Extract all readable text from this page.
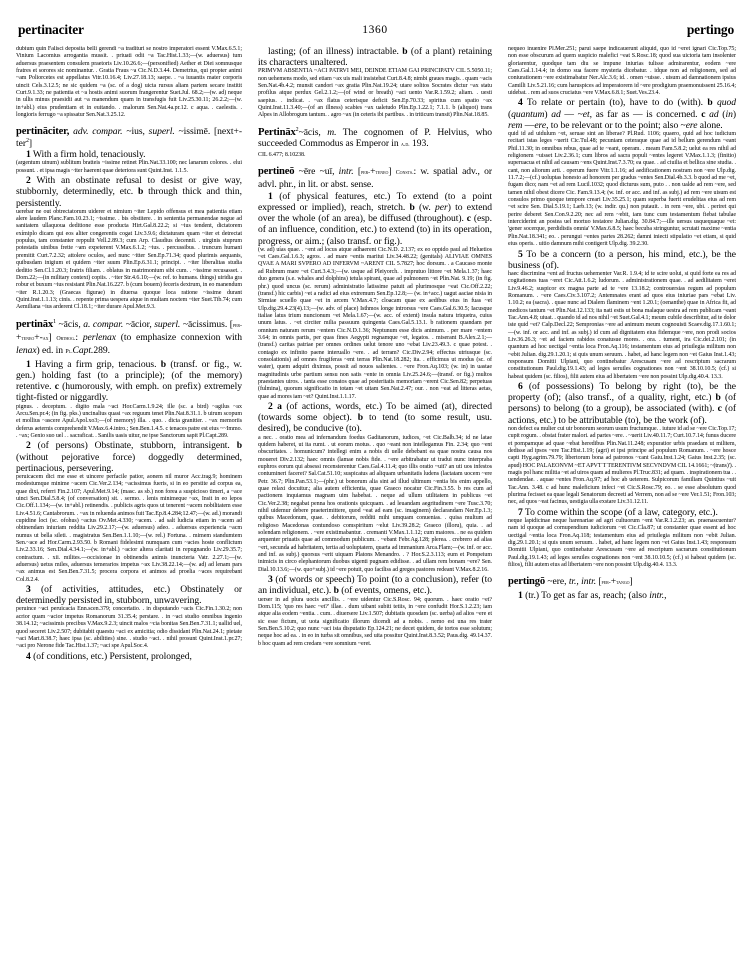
pertinaciter	1360	pertingo

dubium quin Falisci deposita belli gerendi ~a tradituri se nostro imperatori essent V.Max.6.5.1; Vinium Lacomius arrogantia mussit. . priuati odii ~a Tac.Hist.1.33;—(w. aduersus) tum aduersus praesentem consulem praetoris Liv.10.26.6;—(personified) Aether et Diei somnusque fratres et sorores sic nominantur. . Gratia Fraus ~a Cic.N.D.3.44. Demetrius, qui propter animi ~am Poliorcetes est appellatus Vitr.10.16.4; Liv.27.18.13; saepe. . ~a iuuantis mater corporis uincit Cels.3.12.5; ne sic quidem ~a (sc. of a dog) uicta rursus aliam partem secare institit Curt.9.1.33; ne patientia et ~a hostis animi suorum frangerentur Suet.Jul. 68.2;—(w. ad) neque in ullis minus praesidii aut ~a manendum quam in transfugis fuit Liv.25.30.11; 26.2.2;—(w. in+abl.) eius prudentiam et in euitando. . malorum Sen.Nat.4a.pr.12. c aqua. . caelestis. . longioris ferrugo ~a spissatur Sen.Nat.3.25.12.

pertināciter, adv. compar. ~ius, superl. ~issimē. [next+-ter$^2$]

1 With a firm hold, tenaciously.

(argentum uinum) sublitum bratteis ~issime retinet Plin.Nat.33.100; nec lanarum colores. . elui possunt. . et ipsa magis ~iter haerent quae deteriora sunt Quint.Inst. 1.1.5.

2 With an obstinate refusal to desist or give way, stubbornly, determinedly, etc. b through thick and thin, persistently.

uerebar ne out obtrectatorum uiderer et nimium ~iter Lepido offensus et mea patientia etiam alere laudem Planc.Fam.10.23.1; ~issime. . bis obstitere. . in sententia permanendae negue ad sanitatem ullaquoua deditione esse producta Hirt.Gal.8.22.2; si ~ius tendent, dictatorem exímiplo dicam qui eos aliter congerentis cogat Liv.3.9.6; dictaturam quam ~iter et detrectat populus, tam constanter reppulit Vell.2.89.3; cum Arp. Claudius decennii. . uirginis stuprum potestatis uinibus frette ~am expeterent V.Max.6.1.2; ~ius. . percussibus. . truncum humani premitit Curt.7.2.32; attolere oculos, aed nunc ~itter Sen.Ep.71.34; quod plurimis aequanis, quibusdam inigium et quidem ~iter suum Plin.Ep.6.31.1; principi. . ~iter liberalitas studia deditio Sen.Cl.1.20.3; Iratris filiam. . oblatus in matrimonium sibi cum. . ~issime recusasset. . Dom.22;—(in military context) copiis. . ~iter Str.4.6.10;—(w. ref. to humans. things) uiridia gra robur et buxum ~ius resistant Plin.Nat.16.227. b (cum bouem) feceris dextrum, in eo manendum ~iter R.1.20.3; (Graecas figurae) in diuersa quoque loca ratione ~issime durant Quint.Inst.1.1.13; cinis. . repente prima uespera atque in multam noctem ~iter Suet.Tib.74; cum Aemiliana ~ius arderent Cl.18.1; ~iter durare Apul.Met.9.3.

pertināx$^1$ ~ācis, a. compar. ~ācior, superl. ~ācissimus. [per-+teneo+-ax] Orthog.: perlenax (to emphasize connexion with lenax) ed. in Pl.Capt.289.

1 Having a firm grip, tenacious. b (transf. or fig., w. gen.) holding fast (to a principle); (of the memory) retentive. c (humorously, with emph. on prefix) extremely tight-fisted or niggardly.

pignus. . deceptum. . digito mala ~aci Hor.Carm.1.9.24; ille (sc. a bird) ~agilus ~ax Arcu.Sen.pr.4; (in fig. pks.) uncinalius quasi ~ax reguum tenet Plin.Nat.8.31.1. b uirum scopum et mollius ~ascere Apul.Apol.xo3;—(of memory) illa. . quo. . dicta granitier. . ~ax memoriis deferus aeternis comprehendit V.Max.6.4.intro.; Sen.Ben.1.4.5. c tenaces patre est eius ~~Immo. . ~ax; Genio suo uel . . sacraficat. . Sanilis uasis uitur, ne ipse Sanctorum sapit Pl.Capt.289.

2 (of persons) Obstinate, stubborn, intransigent. b (without pejorative force) doggedly determined, pertinacious, persevering.

peruicacem dici me esse et uincere perfacile patior, aonem nil muror Acc.trag.9; hominem modestumque minime ~acem Cic.Ver.2.134; ~acissimus fueris, si in eo perstite ad corpus ea, quae dixi, referri Fin.2.107; Apul.Met.9.14; (masc. as sb.) non forea a suspicioso timeri, a ~ace uinci Sen.Dial.5.8.4; (of conversation) sit. . sermo. . lenis minimeque ~ax, Insit in eo lepos Cic.Off.1.134;—(w. in+abl.) retinendis. . publicis agris quos ut tenerent ~acem nobilitatem esse Liv.4.51.6; Cantabrorum. . ~ax in reluenda animos fuit Tac.Ep.8.4.284;12.47;—(w. ad.) morandi cupidine loci (sc. ofohus) ~acius Ov.Met.4.330; ~acem. . ad salt ludicia etiam in ~acem ad obtinendam iniuriam reddita Liv.29.2.17;—(w. aduersus) adeo. . aduersus experiencia ~acm numus ut bella sileti. . magistratus Sen.Ben.1.1.10;—(w. rel.) Fortuna. . mimem standumtem Sen.~ace ad Hor.Carm.2.93.50. b Romani fidelesimi numquam cum ~acies hoste conflictum Liv.2.33.16; Sen.Dial.4.34.1;—(w. in+abl.) ~acior altera claritati in repugnando Liv.29.35.7; contractum. . xii. milites.—occisionae in obtinendis animis inuncteria Vatr. 2.27.1;—(w. aduersus) uetus miles, aduersus temerarios impetus ~ax Liv.38.22.14;—(w. ad) ad lenam pars ~ax animus est Sen.Ben.7.31.5; procera corpora et animos ad proelia ~aces requirebant Col.8.2.4.

3 (of activities, attitudes, etc.) Obstinately or determinedly persisted in, stubborn, unwavering.

peruince ~aci peruicacia Enn.scen.379; concertatio. . in disputando ~acis Cic.Fin.1.30.2; non acrior quam ~acior impetus Romanorum 31.35.4; perstare. . in ~aci studio omnibus ingenio 38.14.12; ~acissimis precibus V.Max.9.2.3; uincit malos ~cia bonitas Sen.Ben.7.31.1; uallid uel, quod seceret Liv.2.507; dubitabit quaestu ~aci ex amicitia; odio dissidant Plin.Nat.24.1; pietate ~aci Mart.8.38.7; haec ipsa (sc. abilities) sine. . studio ~aci. . nihil prosunt Quint.Inst.1.pr.27; ~aci pro Nerone fide Tac.Hist.1.37; ~aci spe Apul.Soc.4.

4 (of conditions, etc.) Persistent, prolonged,

lasting; (of an illness) intractable. b (of a plant) retaining its characters unaltered.

PRIMVM ABSENTIA ~ACI PATRVI MEI, DEINDE ETIAM GAI PRINCIPATV CIL 5.5050.11; non uehemens modo, sed etiam ~ax uis mali insistebat Curt.8.4.8; nimbi graues magis. . quam ~acis Sen.Nat.4b.4.2; munsit candori ~ax gratia Plin.Nat.19.24; utare solitos Socrates dictur ~ax statu profilus atque perdux Gel.2.1.2;—(of wind or breath) ~aci uento Var.R.1.59.2; aliam. . uesti saepius. . indicat. . ~ax flatus ceterisque deficit Sen.Ep.70.33; spiritus cum spatio ~ax Quint.Inst.11.3.40;—(of an illness) scabies ~ax ualetudo Plin.Ep.1.22.1; 7.1.1. b (aliquot) trans Alpes in Allobrogum tantum. . agro ~ax (in ceteris ibi partibus. . in triticum transit) Plin.Nat.18.85.

Pertināx$^2$~ācis, m. The cognomen of P. Helvius, who succeeded Commodus as Emperor in a.d. 193.

CIL 6.477; 8.10238.

pertineō ~ēre ~uī, intr. [per-+teneo] Consts.: w. spatial adv., or advl. phr., in lit. or abst. sense.

1 (of physical features, etc.) To extend (to a point expressed or implied), reach, stretch. b (w. per) to extend over the whole (of an area), be diffused (throughout). c (esp. of an influence, condition, etc.) to extend (to) in its operation, progress, or aim.; (also transf. or fig.).

(w. ad) uías quae. . ~ent ad locus atque adhaerent Cic.N.D. 2.137; ex eo oppido paul ad Heluetios ~et Caes.Gal.1.6.3; agros. . ad mare ~entis maritui Liv.34.48.22; (genitals) ALIVIAE OMNES QVAE A MARI SVPERO AD INFERVM ~ARENT CIL 5.7827; hoc dorsum. . a Caucaso monte ad Rubrum mare ~et Curt.3.4.3;—(w. usque ad Pleiyorch. . imprutuo littore ~et Mela.1.37; haec duo genera (s.e. whales and dolphins) tetula spirant, quae ad pulmonem ~et Plin.Nat. 9.19; (in fig. phr.) quod uncus (sc. rerum) administratio latissime patuit ad plurimosque ~eat Cic.Off.2.22; (transf.) hic carbis) ~et a radici ad eius extremum Sen.Ep.12.8;— (w. in+acc.) uagut aaciae nisia in Sirmiae scuello quae ~et in arcem V.Max.4.7; cloacam quae ex aedibus eius in fuas ~et Ulp.dig.29.4.23(4).13;—(w. adv. of place) Isthmos longe introrsus ~ere Caes.Gal.6.30.5; Iacusque italiae latus trium nuncionum ~et Mela.1.67;—(w. acc. of extent) insula natura triquetra, cuius unum latus. . ~et circiter milia passuum quingenta Caes.Gal.5.13.1. b rationem quandam per omnium naturam rerum ~entem Cic.N.D.1.36; Neptunum esse dicis animum. . per mare ~entem 3.64; in omnis partis, per quas fines Aegypti regnamque ~et, legatos. . miserant B.Alex.2.1;—(transf.) caritas patriae per omnes ordines uelut tenore uno ~ebat Liv.23.49.3. c quae potest. . contagio ex infinito paene interuallo ~ere. . ad terram? Cic.Div.2.94; effectus utriusque (sc. consolationis) ad omnes frugiferas ~ent terras Plin.Nat.18.282; ita. . efficimus ut modus (sc. of water), quem adquiri diximus, possit ad nouos salientes. . ~ere Fron.Aq.103; (w. in) in uastae magnitudinis urbe partium sensu non satis ~ente in omnia Liv.25.24.6;—(transf. or fig.) multos praestantes uiros. . tanta esse conatos quae ad posteritatis memoriam ~erent Cic.Sen.82; perpetuas (fulmina), quorum significatio in totam ~et uitam Sen.Nat.2.47; our. . non ~eat ad litteras aetas, quae ad mores iam ~et? Quint.Inst.1.1.17.

2 a (of actions, words, etc.) To be aimed (at), directed (towards some object). b to tend (to some result, usu. desired), be conducive (to).

a nec. . oratio mea ad infernandum foedus Gaditanorum, iudices, ~et Cic.Balb.34; id ne latae quidem haberet, ut ita rumt. . ut eorum motus. . quo ~eant non intellegamus Fin. 2.34; quo ~ent obscuritates. . homunicum? intellegi enim a nobis di uelle debebant ea quae nostra causa nos moueret Div.2.132; haec omnis (lamae nobis fide. . ~ere arbitrabatur ut tradui nunc interpraba euphros eorum qui absessi recensterentur Caes.Gal.4.11.4; quo illis oratio ~uit? an uti uos infestos contumineri faceret? Sal.Cat.51.10; suspicatus ad aliquam urbanitatis ludens (lactatam uocem ~ere Petr. 36.7; Plin.Pan.53.1;—(phr.) ut bonorum alia sint ad illud ultimum ~entia bis enim appello, quae relaxi docuitur.; alia autem efficientia, quae Graeco nocatur Cic.Fin.3.55. b res cum ad pactionem inquiamus magnam uim habebat. . neque ad ullum utilitatem in publicus ~et Cic.Ver.2.38; negabat penna hos orationis quicquam. . ad leuandam aegritudinem ~ere Tusc.3.70; nihil uidemur debere praeterimittere, quod ~eat ad eam (sc. imaginem) declarandam Ner.Ep.1.3; quibus Macedonum, quae. . debitorum, redditi mihi umquam conuenias. . quisa multum ad religioso Macedonas contundoso comspiritum ~elut Liv.39.28.2; Graeco (illoru), quia. . ad solendam religionem. . ~ere existimabantur. . cremanti V.Max.1.1.12; cum maiores. . ne ea quidem arquenter priuatis quae ad commodum publicum. . ~ebant Febr.Ag.128; plerea. . crebrero ad alias ~ert, secunda ad habritatem, tertia ad uoluptatem, quarta ad immanium Arca.Flam;—(w. inf. or acc. and inf. as subj.) quorsus ~erit uiquam Platons Menandro. . ? Hor.S.2.3.113; eum et Pompeium inimicis in circo elephantorum duobus uigenti pugnam edidisse. . ad ullam rem bonam ~ere? Sen. Dial.10.13.6;—(w. quo+subj.) id ~ere potuit, quo faciliss ad greges pastores redeant V.Max.8.2.16.

3 (of words or speech) To point (to a conclusion), refer (to an individual, etc.). b (of events, omens, etc.).

uerser in ad plura uocis ancillis. . ~ere uidentur Cic.S.Rosc. 94; quorum. . haec oratio ~et? Dom.115; 'quo res haec ~et?' illae. . dum uibant subiti tetiis, in ~ere confudit Hor.S.1.2.23; iam atque alia eodem ~entia. . cum. . diuersere Liv.1.507; dubitatis quosdam (sc. uerba) ad alios ~ere et sic esse fictum, ut uota significatio illorum dicendi ad a nobis. . nemo est una res trater Sen.Ben.5.10.2; quo nunc ~aci ista disputatio Ep.124.21; ne decet quidem, de tortos esse solutum; neque hoc ad ea. . in eo in turba sit omnibus, sed uita possitur Quint.Inst.8.3.52; Paus.dig. 49.14.37. b hoc quam ad rem credam ~ere somnium ~eret.

nequeo inuenire Pl.Mer.251; parui saepe indicauerunt aliquid, quo id ~eret ignari Cic.Top.75; non esse obscurum ad quem suspicio malefici ~eat S.Rosc.18; quod sua uictoria tam insolenter gloriarentur, quodque tam diu se impune iniurias tulisse admirarentur, eodem ~ere Caes.Gal.1.14.4; in domo sua facere mysteria dicebatur. . idque non ad religionem, sed ad coniurationem ~ere existimabatur Ner.Alc.3.6; id. . omen ~uisse. . uisum ad damnationem ipsius Camilli Liv.5.21.16; cum haruspices ad imperatorem id ~ere prodigium praemonuissent 25.16.4; uidebat. . rem ad suos cruciatus ~ere V.Max.6.8.1; Suet.Ves.23.4.

4 To relate or pertain (to), have to do (with). b quod (quantum) ad — ~et, as far as — is concerned. c ad (in) rem —ere, to be relevant or to the point; also ~ere alone.

quid id ad uidulum ~et, seruae sint an liberae? Pl.Rud. 1106; quaero, quid ad hoc iudicium recitari istas leges ~uerit Cic.Tul.48; pecuniam ceteraque quae ad id bellum gerendum ~eant Phil.11.30; in omnibus rebus, quae ad te ~eant, operam. . meam Fam.5.8.2; uelut ea res nihil ad religionem ~uisset Liv.2.36.1; cum libros ad sacra populi ~entes legeret V.Max.1.1.3; (finitio) superuacua et nihil ad causam ~ens Quint.Inst.7.3.70; ea quae. . ad ciuilia et bellica sine studia. . cant, non aliorum arti. . operum fuere Vitr.1.1.16; ad aedificationem nostram non ~ere Ulp.dig. 11.7.2;—(cf.) uoluptas honesto ad honorem per gradus ~entes Sen.Dial.4b.3.3. b quod ad me ~et, fugam dico; nam ~et ad rem Lucil.1032; quod dicturus sum, puto . . non ualde ad rem ~ere, sed tamen nihil obest dicere Cic. Fam.9.13.4; (w. inf. or acc. and inf. as subj.) ad rem ~ere uisum est consulos primo quoque tempore creari Liv.35.25.1; quam superba fuerit erudelitas eius ad rem ~et scire Sen. Dial.5.19.1; Larb.13; (w. indir. qu.) non putauit. . in rem ~ere, ubi. . periret qui perire deberet Sen.Con.9.2.20; nec ad rem ~ebit, iam tunc cum testamentum fiebat tabulae interciderint an postea uel mortuo testatore Julian.dig. 30.84.7;—ille uersus usquequaque ~et: 'gener socerque, perdidistis omnia' V.Max.6.8.5; haec becuba stringuntur, scrutati maxime ~entia Plin.Nat.18.341; eo. . perungui ~entes partes 28.262; damni iniecti stipulatio ~et etiam, si quid eius operis. . uitio damnum mihi contigerit Ulp.dig. 39.2.30.

5 To be a concern (to a person, his mind, etc.), be the business (of).

haec discrimina ~ent ad fructus uehementer Var.R. 1.9.4; id te scire uolui, si quid forte ea res ad cogitationes tuas ~eret Cic.Att.1.6.2; ludorum. . administrationem quae. . ad aedilitatem ~eret Liv.9.46.2; suspicor ex magna parte ad te ~ere 13.18.2; controuersias regum ad populum Romanum. . ~ere Caes.Civ.3.107.2; Antemnates erant ad quos eius iniuriae pars ~ebat Liv. 1.10.2; ea (sacra). . quae nunc ad Dialem flaminem ~ent 1.20.1; (oenanthe) quae in Africa fit, ad medicos tantum ~et Plin.Nat.12.133; ita nati estis ut bona malaque uestra ad rem publicam ~eant Tac.Ann.4.8; uiuat. . quando id ad nos nihil ~et Suet.Gal.4.1; meum cubile describitur, ad te dolor iste quid ~et? Calp.Decl.22; Sempronias ~ere ad animum meum cognouisti Scaev.dig.17.1.60.1;—(w. inf. or acc. and inf. as subj.) id cum ad dignitatem eius fidemque ~ere, non prodi socios Liv.36.26.3; ~et ad faciem rabidos conatusue mores. . ora. . tument, ira Cic.dei.2.101; (in quantum ad hoc uectigal ~entia loca Fron.Aq.116; testamentum eius ad priuilegia militum non ~ebit Julian. dig.29.1.20.1; si quis unum seruum. . habet, ad hanc legem non ~et Gaius Inst.1.43; responsum Domitii Ulpiani, quo continebatur Arescusam ~ere ad rescriptum sacrarum constitutionum Paul.dig.19.1.43; ad leges seruiles cognationes non ~ent 38.10.10.5; (cf.) si habeat quidem (sc. filios), filii autem eius ad libertatem ~ere non possint Ulp.dig.40.4. 13.3.

6 (of possessions) To belong by right (to), be the property (of); (also transf., of a quality, right, etc.) b (of persons) to belong (to a group), be associated (with). c (of actions, etc.) to be attributable (to), be the work (of).

non defect ea mulier cui uir bonorum seorum usum fructumque. . iuture id ad se ~ere Cic.Top.17; cupit rogum. . obstat frater malori. ad partes ~ere. . ~uerit Liv.40.11.7; Curt.10.7.14; funus ducere et pompamque ad quae ~ebat heredibus Plin.Nat.11.248; expuratior urbis praedam ut militem, dedisse ad ipsos ~ere Tac.Hist.1.19; (agri) et ipsi principe ad populum Romanum. . ~ere hosce capti Hyg.agrim.79.79; libertorum bona ad patronos ~cant Gaiu.Inst.1.24; Gaius Inst.2.35; (sc. apud) HOC PALAEONVM ~ET APVT T TERENTIVM SECVNDVM CIL 14.1661; ~(trans)'). . magis pol hanc militia ~et ad uiros quam ad mulieres Pl.Truc.831; ad quam. . inspirationem tua . . uendendae. . aquae ~entes Fron.Aq.97; ad hoc ab ueterem. Sulpicorum familiam Quintius ~uit Tac.Ann. 3.48. c ad hunc maleficium infeci ~et Cic.S.Rosc.79; eo. . se esse absolutum quod plurima fecisset ea quae legali Senatorum decreeti ad Verrem, non ad se ~ere Ver.1.51; Fron.103; nec, ad quos ~eat facinus, uestigia ulla exstare Liv.31.12.11.

7 To come within the scope (of a law, category, etc.).

neque lapidicinae neque harenariae ad agri cultuorum ~ent Var.R.1.2.23; an. praenascuentur? nam id quoque ad cornupendium iudiciorum ~et Cic.Cla.87; ut constanter quae essent ad hoc uectigal ~entia loca Fron.Aq.118; testamentum eius ad priuilegia militum non ~ebit Julian. dig.29.1.20.1; si quis unum seruum. . habet, ad hanc legem non ~et Gaius Inst.1.43; responsum Domitii Ulpiani, quo continebatur Arescusam ~ere ad rescriptum sacrarum constitutionum Paul.dig.19.1.43; ad leges seruiles cognationes non ~ent 38.10.10.5; (cf.) si habeat quidem (sc. filios), filii autem eius ad libertatem ~ere non possint Ulp.dig.40.4. 13.3.

pertingō ~ere, tr., intr. [per-+tango]

1 (tr.) To get as far as, reach; (also intr.,
